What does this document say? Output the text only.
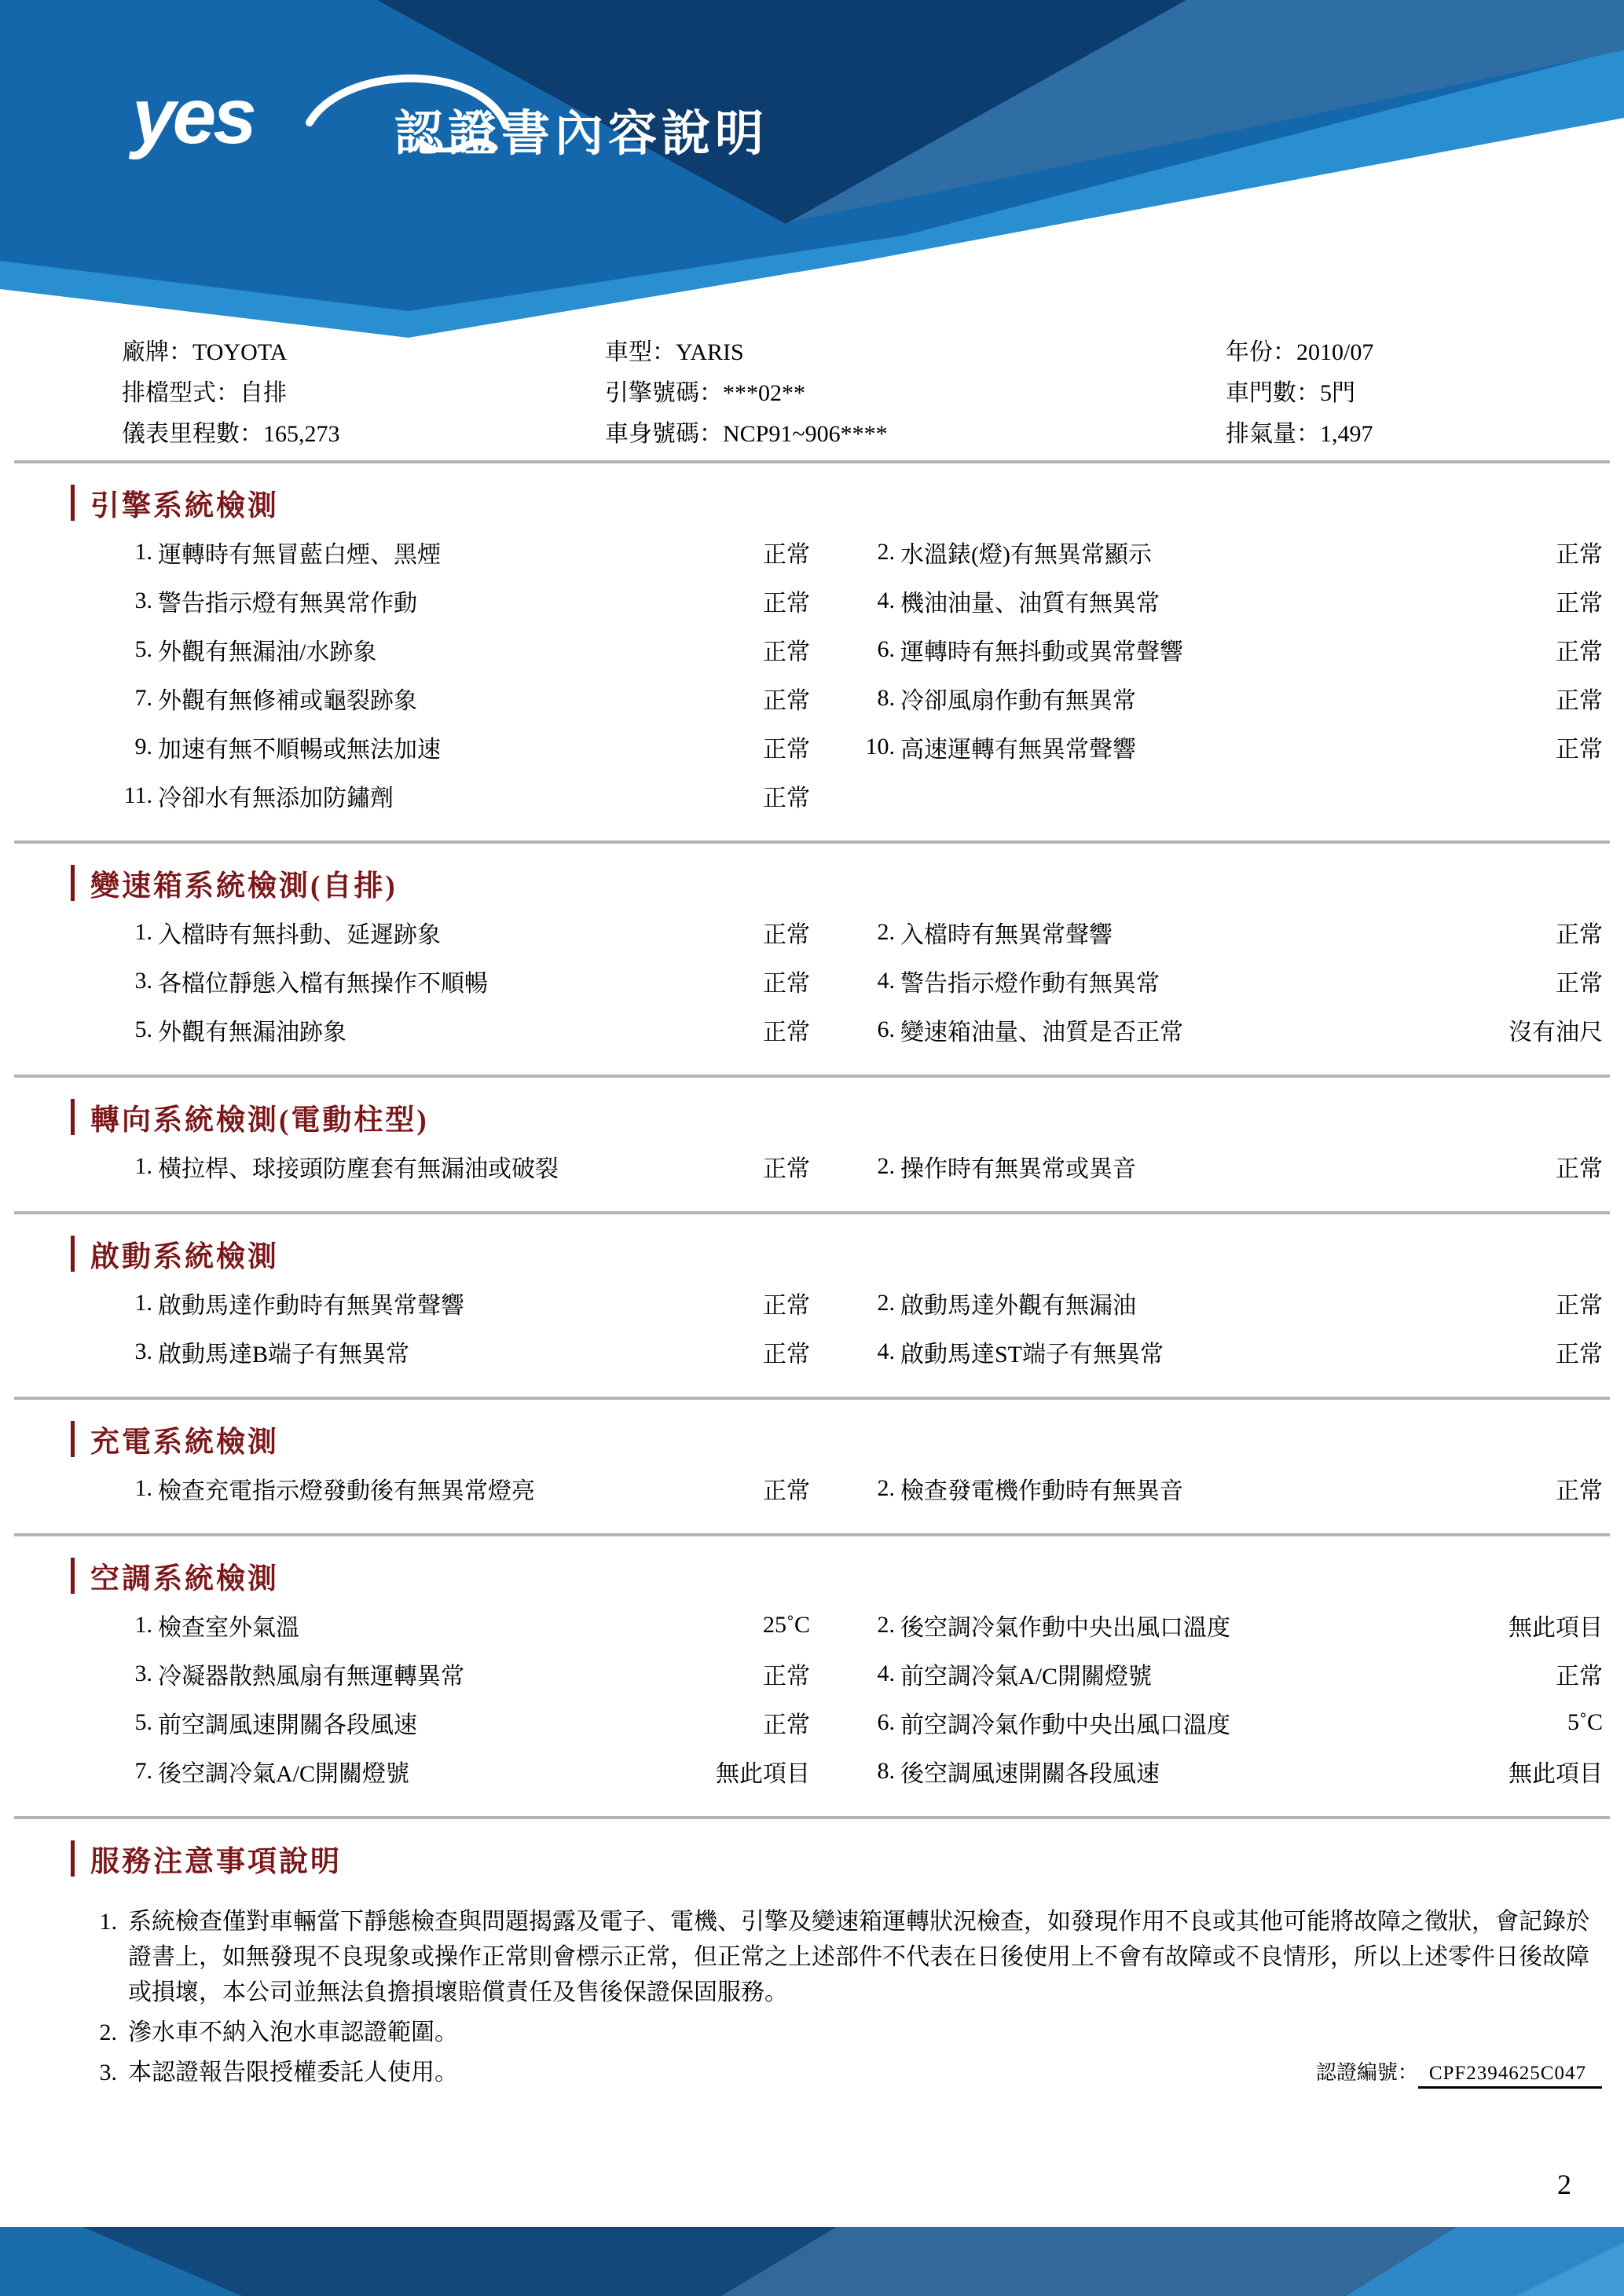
yes	認證書內容說明
廠牌：TOYOTA	車型：YARIS	年份：2010/07
排檔型式：自排	引擎號碼：***02**	車門數：5門
儀表里程數：165,273	車身號碼：NCP91~906****	排氣量：1,497
引擎系統檢測
1. 運轉時有無冒藍白煙、黑煙	正常	2. 水溫錶(燈)有無異常顯示	正常
3. 警告指示燈有無異常作動	正常	4. 機油油量、油質有無異常	正常
5. 外觀有無漏油/水跡象	正常	6. 運轉時有無抖動或異常聲響	正常
7. 外觀有無修補或龜裂跡象	正常	8. 冷卻風扇作動有無異常	正常
9. 加速有無不順暢或無法加速	正常	10. 高速運轉有無異常聲響	正常
11. 冷卻水有無添加防鏽劑	正常
變速箱系統檢測(自排)
1. 入檔時有無抖動、延遲跡象	正常	2. 入檔時有無異常聲響	正常
3. 各檔位靜態入檔有無操作不順暢	正常	4. 警告指示燈作動有無異常	正常
5. 外觀有無漏油跡象	正常	6. 變速箱油量、油質是否正常	沒有油尺
轉向系統檢測(電動柱型)
1. 橫拉桿、球接頭防塵套有無漏油或破裂	正常	2. 操作時有無異常或異音	正常
啟動系統檢測
1. 啟動馬達作動時有無異常聲響	正常	2. 啟動馬達外觀有無漏油	正常
3. 啟動馬達B端子有無異常	正常	4. 啟動馬達ST端子有無異常	正常
充電系統檢測
1. 檢查充電指示燈發動後有無異常燈亮	正常	2. 檢查發電機作動時有無異音	正常
空調系統檢測
1. 檢查室外氣溫	25˚C	2. 後空調冷氣作動中央出風口溫度	無此項目
3. 冷凝器散熱風扇有無運轉異常	正常	4. 前空調冷氣A/C開關燈號	正常
5. 前空調風速開關各段風速	正常	6. 前空調冷氣作動中央出風口溫度	5˚C
7. 後空調冷氣A/C開關燈號	無此項目	8. 後空調風速開關各段風速	無此項目
服務注意事項說明
1. 系統檢查僅對車輛當下靜態檢查與問題揭露及電子、電機、引擎及變速箱運轉狀況檢查，如發現作用不良或其他可能將故障之徵狀，會記錄於證書上，如無發現不良現象或操作正常則會標示正常，但正常之上述部件不代表在日後使用上不會有故障或不良情形，所以上述零件日後故障或損壞，本公司並無法負擔損壞賠償責任及售後保證保固服務。
2. 滲水車不納入泡水車認證範圍。
3. 本認證報告限授權委託人使用。	認證編號： CPF2394625C047
2
